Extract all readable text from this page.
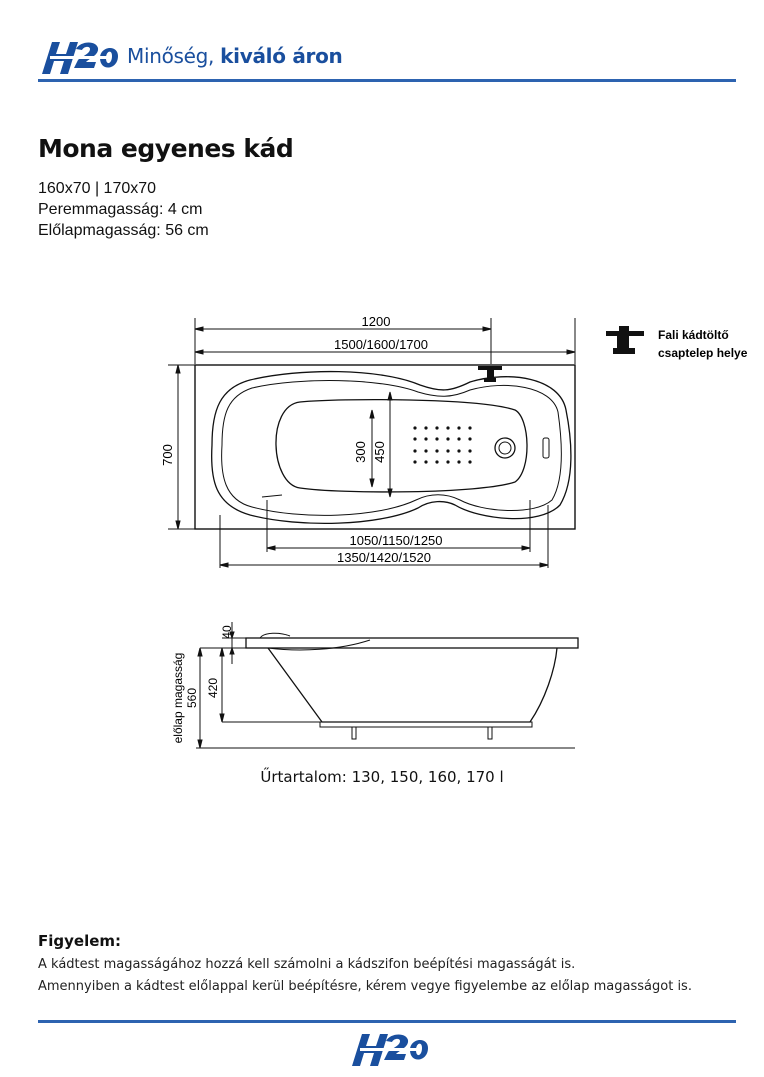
Minőség, kiváló áron
Mona egyenes kád
160x70 | 170x70
Peremmagasság: 4 cm
Előlapmagasság: 56 cm
1200
1500/1600/1700
700	300 450
1050/1150/1250
1350/1420/1520
Fali kádtöltő
csaptelep helye
40
420
560
előlap magasság
Űrtartalom: 130, 150, 160, 170 l
Figyelem:
A kádtest magasságához hozzá kell számolni a kádszifon beépítési magasságát is.
Amennyiben a kádtest előlappal kerül beépítésre, kérem vegye figyelembe az előlap magasságot is.
